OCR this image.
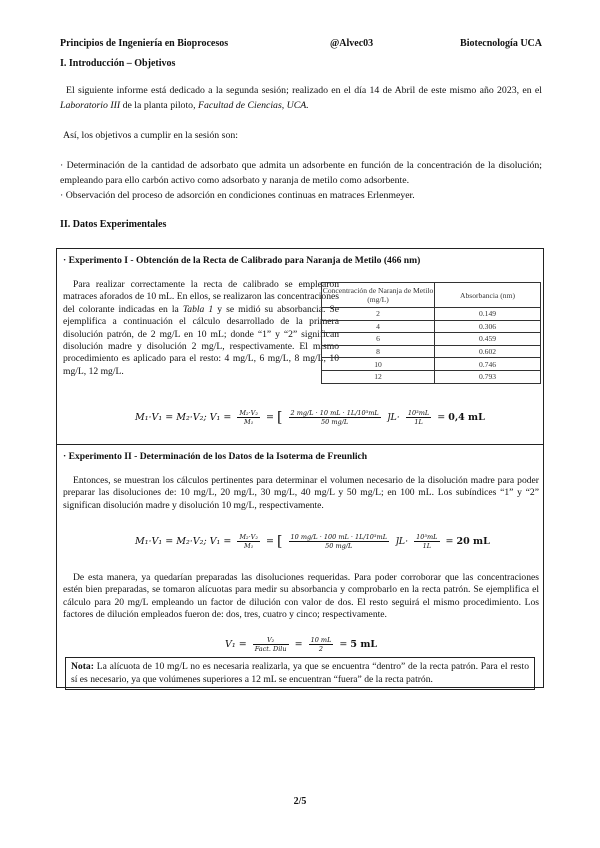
Principios de Ingeniería en Bioprocesos	@Alvec03	Biotecnología UCA
I. Introducción – Objetivos
El siguiente informe está dedicado a la segunda sesión; realizado en el día 14 de Abril de este mismo año 2023, en el Laboratorio III de la planta piloto, Facultad de Ciencias, UCA.
Así, los objetivos a cumplir en la sesión son:
· Determinación de la cantidad de adsorbato que admita un adsorbente en función de la concentración de la disolución; empleando para ello carbón activo como adsorbato y naranja de metilo como adsorbente.
· Observación del proceso de adsorción en condiciones continuas en matraces Erlenmeyer.
II. Datos Experimentales
· Experimento I - Obtención de la Recta de Calibrado para Naranja de Metilo (466 nm)
Para realizar correctamente la recta de calibrado se emplearon matraces aforados de 10 mL. En ellos, se realizaron las concentraciones del colorante indicadas en la Tabla 1 y se midió su absorbancia. Se ejemplifica a continuación el cálculo desarrollado de la primera disolución patrón, de 2 mg/L en 10 mL; donde “1” y “2” significan disolución madre y disolución 2 mg/L, respectivamente. El mismo procedimiento es aplicado para el resto: 4 mg/L, 6 mg/L, 8 mg/L, 10 mg/L, 12 mg/L.
Concentración de Naranja de Metilo (mg/L)	Absorbancia (nm)
2	0.149
4	0.306
6	0.459
8	0.602
10	0.746
12	0.793
M₁·V₁ = M₂·V₂; $V_1 = \frac{\text{M₂·V₂}}{\text{M₁}}$ = [ $\frac{\text{2 mg/L · 10 mL · 1L/10³mL}}{50 mg/L} ]L\cdot \frac{\text{10³mL}}{1L} = 0,4$ mL
· Experimento II - Determinación de los Datos de la Isoterma de Freunlich
Entonces, se muestran los cálculos pertinentes para determinar el volumen necesario de la disolución madre para poder preparar las disoluciones de: 10 mg/L, 20 mg/L, 30 mg/L, 40 mg/L y 50 mg/L; en 100 mL. Los subíndices “1” y “2” significan disolución madre y disolución 10 mg/L, respectivamente.
M₁·V₁ = M₂·V₂; $V_1 = \frac{\text{M₂·V₂}}{\text{M₁}}$ = [ $\frac{\text{10 mg/L · 100 mL · 1L/10³mL}}{50 mg/L} ]L\cdot \frac{\text{10³mL}}{1L} = 20$ mL
De esta manera, ya quedarían preparadas las disoluciones requeridas. Para poder corroborar que las concentraciones estén bien preparadas, se tomaron alícuotas para medir su absorbancia y comprobarlo en la recta patrón. Se ejemplifica el cálculo para 20 mg/L empleando un factor de dilución con valor de dos. El resto seguirá el mismo procedimiento. Los factores de dilución empleados fueron de: dos, tres, cuatro y cinco; respectivamente.
$V_1 = \frac{\text{V₂}}{\text{Fact. Dilu}} = \frac{10 mL}{2} = 5$ mL
Nota: La alícuota de 10 mg/L no es necesaria realizarla, ya que se encuentra “dentro” de la recta patrón. Para el resto sí es necesario, ya que volúmenes superiores a 12 mL se encuentran “fuera” de la recta patrón.
2/5
